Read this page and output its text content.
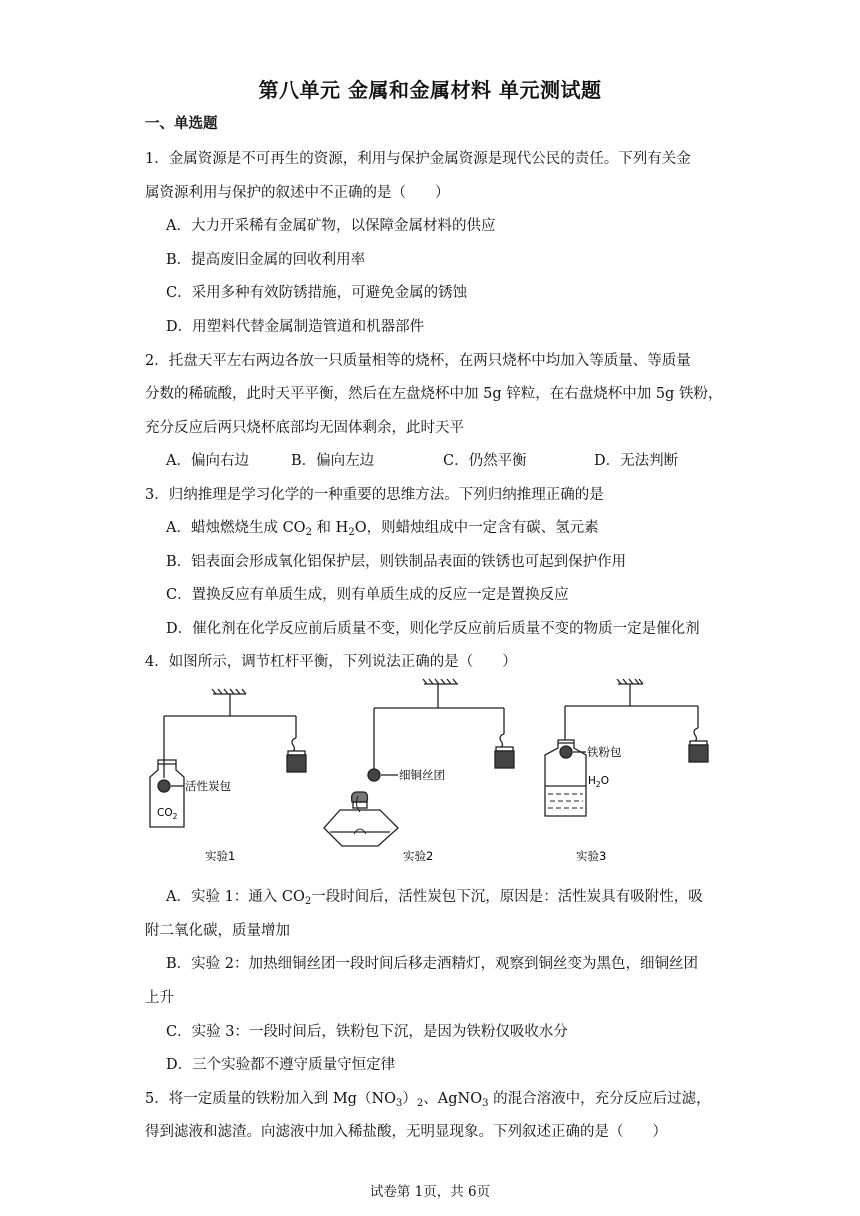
第八单元 金属和金属材料 单元测试题
一、单选题
1．金属资源是不可再生的资源，利用与保护金属资源是现代公民的责任。下列有关金
属资源利用与保护的叙述中不正确的是（　　）
A．大力开采稀有金属矿物，以保障金属材料的供应
B．提高废旧金属的回收利用率
C．采用多种有效防锈措施，可避免金属的锈蚀
D．用塑料代替金属制造管道和机器部件
2．托盘天平左右两边各放一只质量相等的烧杯，在两只烧杯中均加入等质量、等质量
分数的稀硫酸，此时天平平衡，然后在左盘烧杯中加 5g 锌粒，在右盘烧杯中加 5g 铁粉，
充分反应后两只烧杯底部均无固体剩余，此时天平
A．偏向右边	B．偏向左边	C．仍然平衡	D．无法判断
3．归纳推理是学习化学的一种重要的思维方法。下列归纳推理正确的是
A．蜡烛燃烧生成 $CO_2$ 和 $H_2O$，则蜡烛组成中一定含有碳、氢元素
B．铝表面会形成氧化铝保护层，则铁制品表面的铁锈也可起到保护作用
C．置换反应有单质生成，则有单质生成的反应一定是置换反应
D．催化剂在化学反应前后质量不变，则化学反应前后质量不变的物质一定是催化剂
4．如图所示，调节杠杆平衡，下列说法正确的是（　　）
活性炭包
$CO_2$
实验1
细铜丝团
实验2
铁粉包
$H_2O$
实验3
A．实验 1：通入 $CO_2$一段时间后，活性炭包下沉，原因是：活性炭具有吸附性，吸
附二氧化碳，质量增加
B．实验 2：加热细铜丝团一段时间后移走酒精灯，观察到铜丝变为黑色，细铜丝团
上升
C．实验 3：一段时间后，铁粉包下沉，是因为铁粉仅吸收水分
D．三个实验都不遵守质量守恒定律
5．将一定质量的铁粉加入到 $Mg(NO_3)_2$、AgNO$_3$ 的混合溶液中，充分反应后过滤，
得到滤液和滤渣。向滤液中加入稀盐酸，无明显现象。下列叙述正确的是（　　）
试卷第 1页，共 6页
